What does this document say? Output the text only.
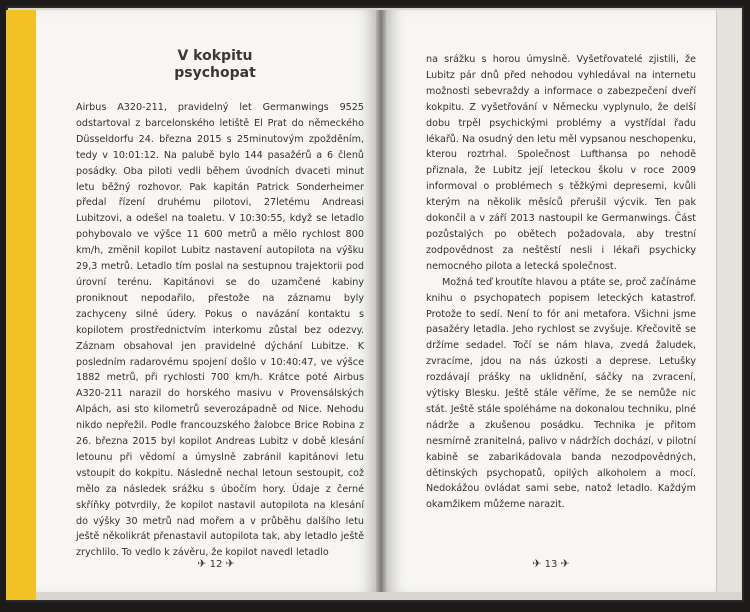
V kokpitu
psychopat

Airbus A320-211, pravidelný let Germanwings 9525 odstartoval z barcelonského letiště El Prat do německého Düsseldorfu 24. března 2015 s 25minutovým zpožděním, tedy v 10:01:12. Na palubě bylo 144 pasažérů a 6 členů posádky. Oba piloti vedli během úvodních dvaceti minut letu běžný rozhovor. Pak kapitán Patrick Sonderheimer předal řízení druhému pilotovi, 27letému Andreasi Lubitzovi, a odešel na toaletu. V 10:30:55, když se letadlo pohybovalo ve výšce 11 600 metrů a mělo rychlost 800 km/h, změnil kopilot Lubitz nastavení autopilota na výšku 29,3 metrů. Letadlo tím poslal na sestupnou trajektorii pod úrovní terénu. Kapitánovi se do uzamčené kabiny proniknout nepodařilo, přestože na záznamu byly zachyceny silné údery. Pokus o navázání kontaktu s kopilotem prostřednictvím interkomu zůstal bez odezvy. Záznam obsahoval jen pravidelné dýchání Lubitze. K posledním radarovému spojení došlo v 10:40:47, ve výšce 1882 metrů, při rychlosti 700 km/h. Krátce poté Airbus A320-211 narazil do horského masivu v Provensálských Alpách, asi sto kilometrů severozápadně od Nice. Nehodu nikdo nepřežil. Podle francouzského žalobce Brice Robina z 26. března 2015 byl kopilot Andreas Lubitz v době klesání letounu při vědomí a úmyslně zabránil kapitánovi letu vstoupit do kokpitu. Následně nechal letoun sestoupit, což mělo za následek srážku s úbočím hory. Údaje z černé skříňky potvrdily, že kopilot nastavil autopilota na klesání do výšky 30 metrů nad mořem a v průběhu dalšího letu ještě několikrát přenastavil autopilota tak, aby letadlo ještě zrychlilo. To vedlo k závěru, že kopilot navedl letadlo

✈ 12 ✈

na srážku s horou úmyslně. Vyšetřovatelé zjistili, že Lubitz pár dnů před nehodou vyhledával na internetu možnosti sebevraždy a informace o zabezpečení dveří kokpitu. Z vyšetřování v Německu vyplynulo, že delší dobu trpěl psychickými problémy a vystřídal řadu lékařů. Na osudný den letu měl vypsanou neschopenku, kterou roztrhal. Společnost Lufthansa po nehodě přiznala, že Lubitz její leteckou školu v roce 2009 informoval o problémech s těžkými depresemi, kvůli kterým na několik měsíců přerušil výcvik. Ten pak dokončil a v září 2013 nastoupil ke Germanwings. Část pozůstalých po obětech požadovala, aby trestní zodpovědnost za neštěstí nesli i lékaři psychicky nemocného pilota a letecká společnost.

Možná teď kroutíte hlavou a ptáte se, proč začínáme knihu o psychopatech popisem leteckých katastrof. Protože to sedí. Není to fór ani metafora. Všichni jsme pasažéry letadla. Jeho rychlost se zvyšuje. Křečovitě se držíme sedadel. Točí se nám hlava, zvedá žaludek, zvracíme, jdou na nás úzkosti a deprese. Letušky rozdávají prášky na uklidnění, sáčky na zvracení, výtisky Blesku. Ještě stále věříme, že se nemůže nic stát. Ještě stále spoléháme na dokonalou techniku, plné nádrže a zkušenou posádku. Technika je přitom nesmírně zranitelná, palivo v nádržích dochází, v pilotní kabině se zabarikádovala banda nezodpovědných, dětinských psychopatů, opilých alkoholem a mocí. Nedokážou ovládat sami sebe, natož letadlo. Každým okamžikem můžeme narazit.

✈ 13 ✈
